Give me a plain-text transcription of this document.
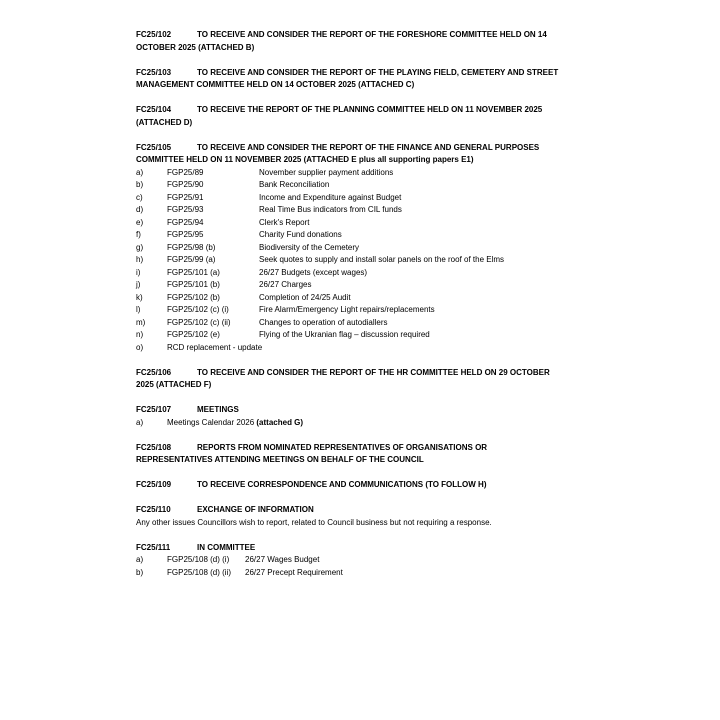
FC25/102	TO RECEIVE AND CONSIDER THE REPORT OF THE FORESHORE COMMITTEE HELD ON 14
OCTOBER 2025 (ATTACHED B)
FC25/103	TO RECEIVE AND CONSIDER THE REPORT OF THE PLAYING FIELD, CEMETERY AND STREET
MANAGEMENT COMMITTEE HELD ON 14 OCTOBER 2025 (ATTACHED C)
FC25/104	TO RECEIVE THE REPORT OF THE PLANNING COMMITTEE HELD ON 11 NOVEMBER 2025
(ATTACHED D)
FC25/105	TO RECEIVE AND CONSIDER THE REPORT OF THE FINANCE AND GENERAL PURPOSES
COMMITTEE HELD ON 11 NOVEMBER 2025 (ATTACHED E plus all supporting papers E1)
a)	FGP25/89	November supplier payment additions
b)	FGP25/90	Bank Reconciliation
c)	FGP25/91	Income and Expenditure against Budget
d)	FGP25/93	Real Time Bus indicators from CIL funds
e)	FGP25/94	Clerk's Report
f)	FGP25/95	Charity Fund donations
g)	FGP25/98 (b)	Biodiversity of the Cemetery
h)	FGP25/99 (a)	Seek quotes to supply and install solar panels on the roof of the Elms
i)	FGP25/101 (a)	26/27 Budgets (except wages)
j)	FGP25/101 (b)	26/27 Charges
k)	FGP25/102 (b)	Completion of 24/25 Audit
l)	FGP25/102 (c) (i)	Fire Alarm/Emergency Light repairs/replacements
m)	FGP25/102 (c) (ii)	Changes to operation of autodiallers
n)	FGP25/102 (e)	Flying of the Ukranian flag – discussion required
o)	RCD replacement - update
FC25/106	TO RECEIVE AND CONSIDER THE REPORT OF THE HR COMMITTEE HELD ON 29 OCTOBER
2025 (ATTACHED F)
FC25/107	MEETINGS
a)	Meetings Calendar 2026 (attached G)
FC25/108	REPORTS FROM NOMINATED REPRESENTATIVES OF ORGANISATIONS OR
REPRESENTATIVES ATTENDING MEETINGS ON BEHALF OF THE COUNCIL
FC25/109	TO RECEIVE CORRESPONDENCE AND COMMUNICATIONS (TO FOLLOW H)
FC25/110	EXCHANGE OF INFORMATION
Any other issues Councillors wish to report, related to Council business but not requiring a response.
FC25/111	IN COMMITTEE
a)	FGP25/108 (d) (i)	26/27 Wages Budget
b)	FGP25/108 (d) (ii)	26/27 Precept Requirement
